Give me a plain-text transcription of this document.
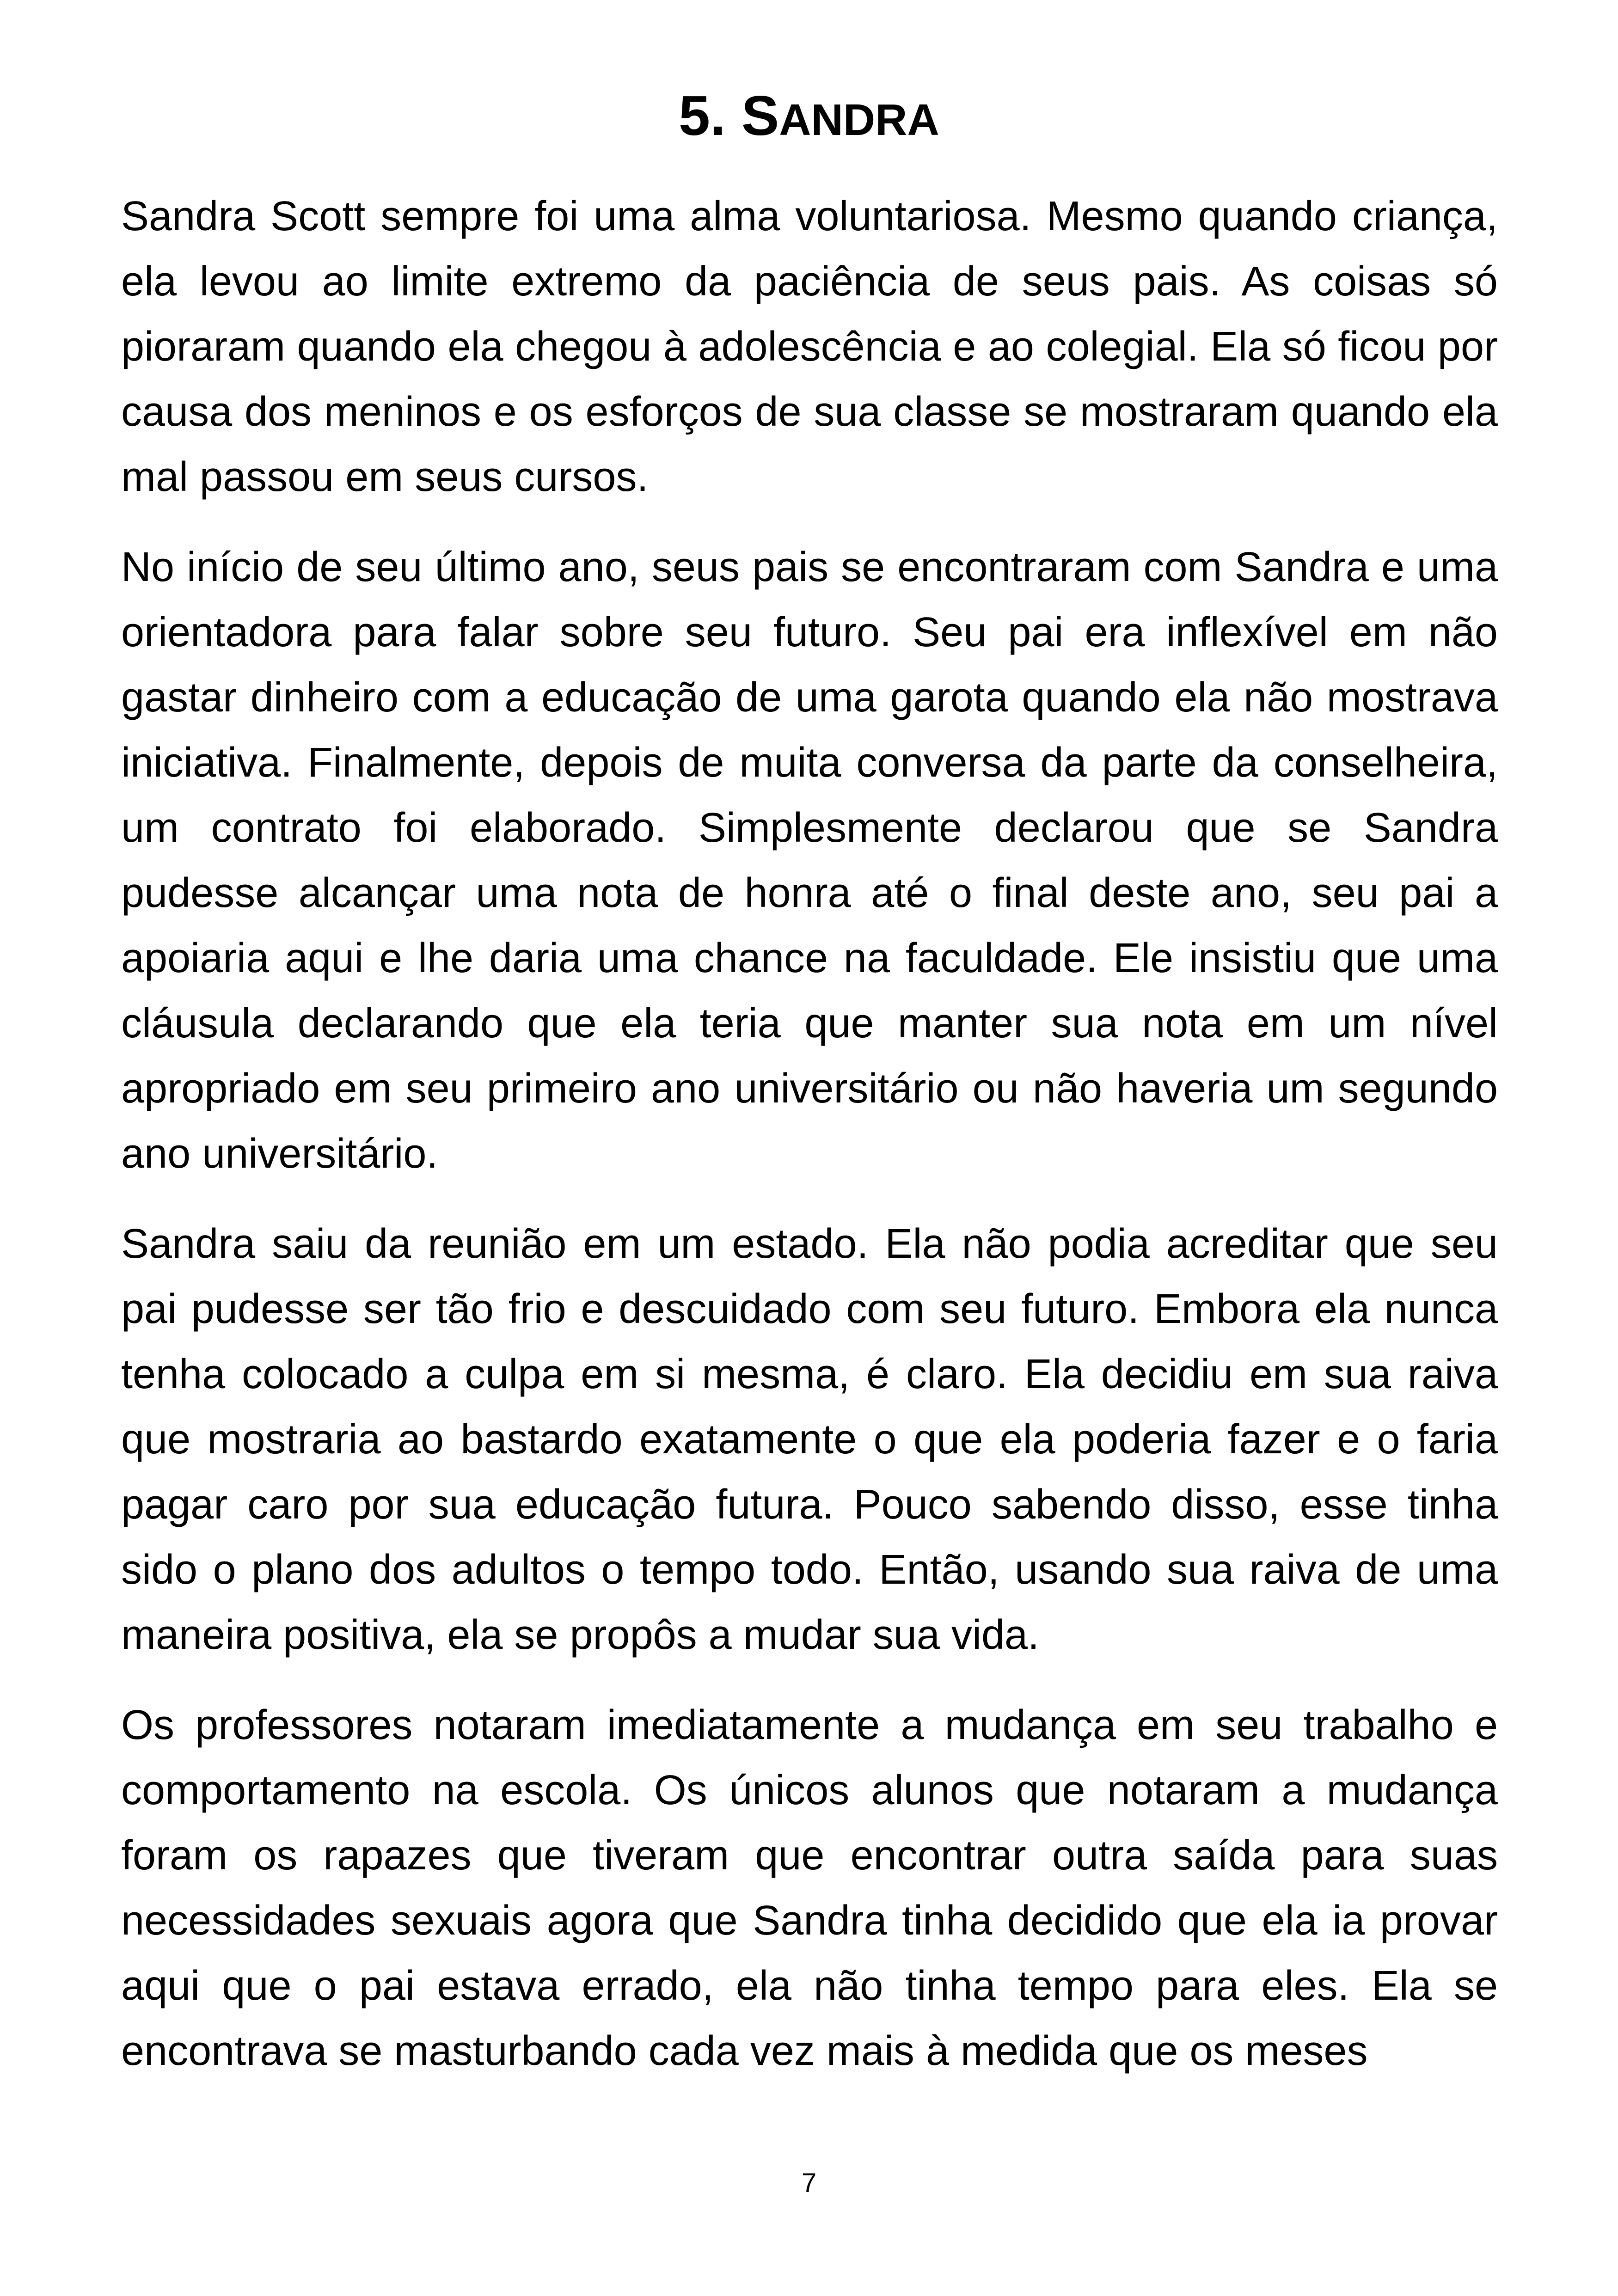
5. SANDRA

Sandra Scott sempre foi uma alma voluntariosa. Mesmo quando criança, ela levou ao limite extremo da paciência de seus pais. As coisas só pioraram quando ela chegou à adolescência e ao colegial. Ela só ficou por causa dos meninos e os esforços de sua classe se mostraram quando ela mal passou em seus cursos.

No início de seu último ano, seus pais se encontraram com Sandra e uma orientadora para falar sobre seu futuro. Seu pai era inflexível em não gastar dinheiro com a educação de uma garota quando ela não mostrava iniciativa. Finalmente, depois de muita conversa da parte da conselheira, um contrato foi elaborado. Simplesmente declarou que se Sandra pudesse alcançar uma nota de honra até o final deste ano, seu pai a apoiaria aqui e lhe daria uma chance na faculdade. Ele insistiu que uma cláusula declarando que ela teria que manter sua nota em um nível apropriado em seu primeiro ano universitário ou não haveria um segundo ano universitário.

Sandra saiu da reunião em um estado. Ela não podia acreditar que seu pai pudesse ser tão frio e descuidado com seu futuro. Embora ela nunca tenha colocado a culpa em si mesma, é claro. Ela decidiu em sua raiva que mostraria ao bastardo exatamente o que ela poderia fazer e o faria pagar caro por sua educação futura. Pouco sabendo disso, esse tinha sido o plano dos adultos o tempo todo. Então, usando sua raiva de uma maneira positiva, ela se propôs a mudar sua vida.

Os professores notaram imediatamente a mudança em seu trabalho e comportamento na escola. Os únicos alunos que notaram a mudança foram os rapazes que tiveram que encontrar outra saída para suas necessidades sexuais agora que Sandra tinha decidido que ela ia provar aqui que o pai estava errado, ela não tinha tempo para eles. Ela se encontrava se masturbando cada vez mais à medida que os meses

7
